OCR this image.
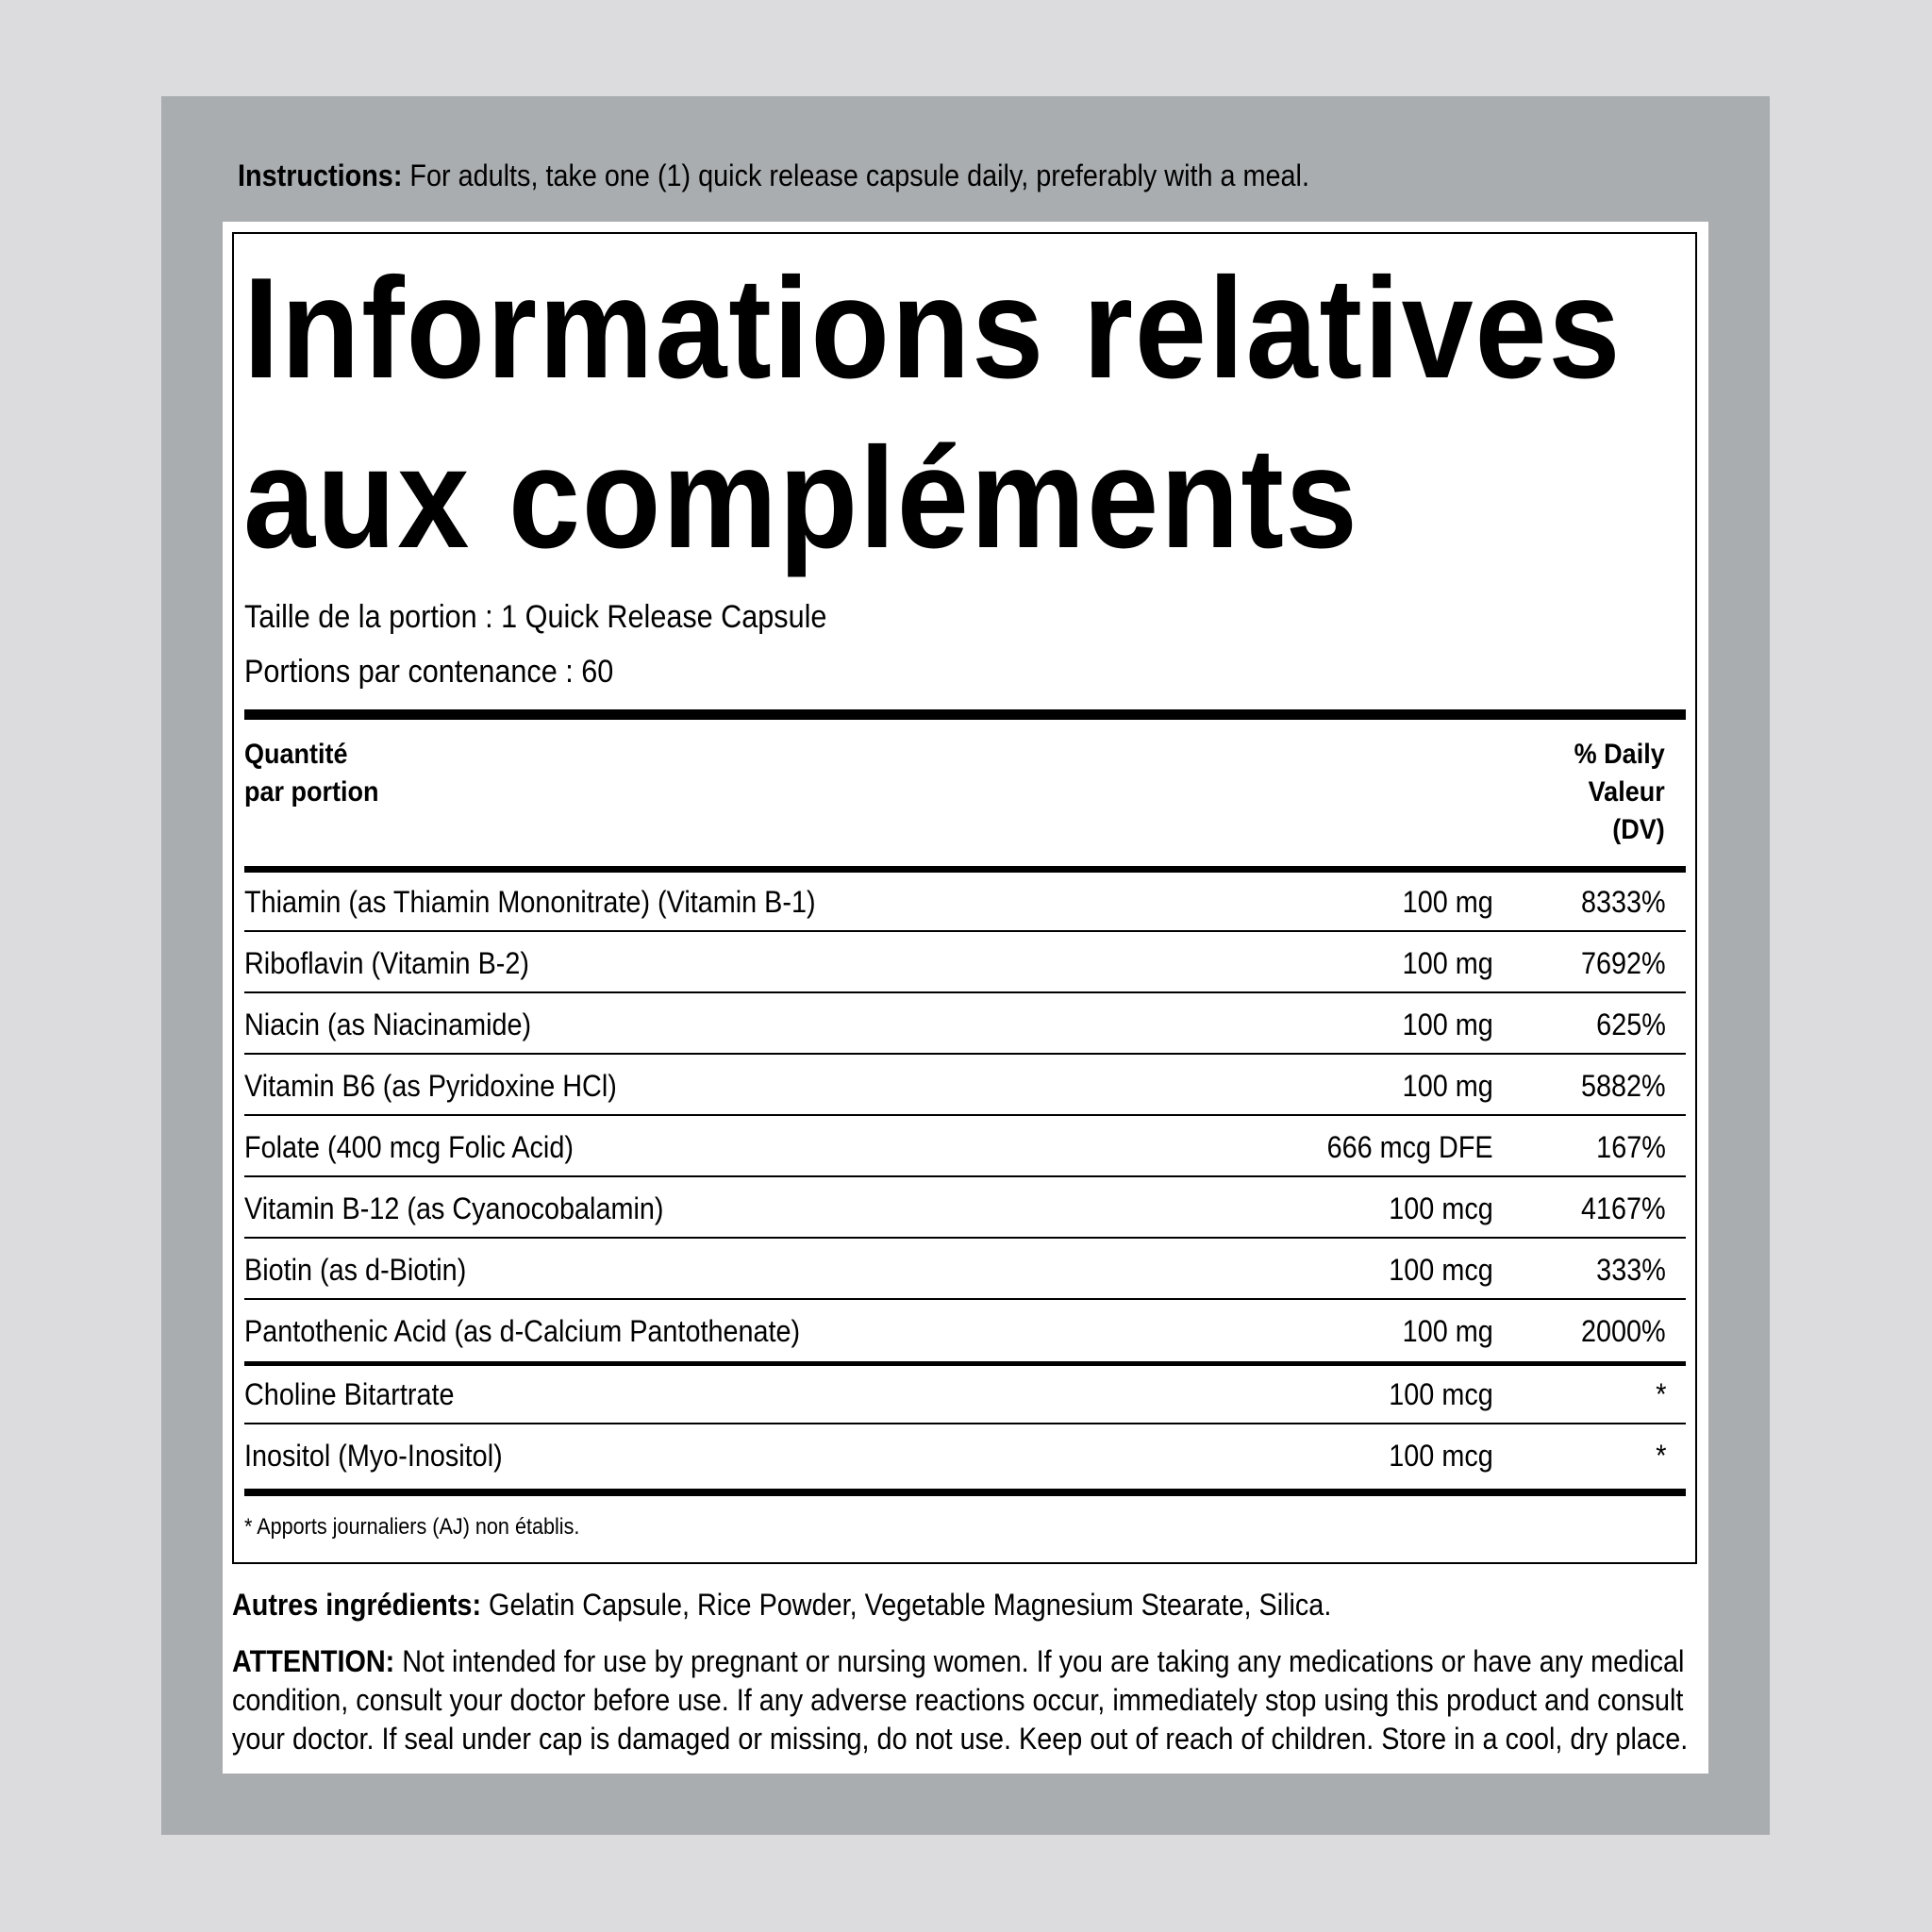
Instructions: For adults, take one (1) quick release capsule daily, preferably with a meal.
Informations relatives
aux compléments
Taille de la portion : 1 Quick Release Capsule
Portions par contenance : 60
Quantité
par portion
% Daily
Valeur
(DV)
Thiamin (as Thiamin Mononitrate) (Vitamin B-1)	100 mg	8333%
Riboflavin (Vitamin B-2)	100 mg	7692%
Niacin (as Niacinamide)	100 mg	625%
Vitamin B6 (as Pyridoxine HCl)	100 mg	5882%
Folate (400 mcg Folic Acid)	666 mcg DFE	167%
Vitamin B-12 (as Cyanocobalamin)	100 mcg	4167%
Biotin (as d-Biotin)	100 mcg	333%
Pantothenic Acid (as d-Calcium Pantothenate)	100 mg	2000%
Choline Bitartrate	100 mcg	*
Inositol (Myo-Inositol)	100 mcg	*
* Apports journaliers (AJ) non établis.
Autres ingrédients: Gelatin Capsule, Rice Powder, Vegetable Magnesium Stearate, Silica.
ATTENTION: Not intended for use by pregnant or nursing women. If you are taking any medications or have any medical
condition, consult your doctor before use. If any adverse reactions occur, immediately stop using this product and consult
your doctor. If seal under cap is damaged or missing, do not use. Keep out of reach of children. Store in a cool, dry place.
